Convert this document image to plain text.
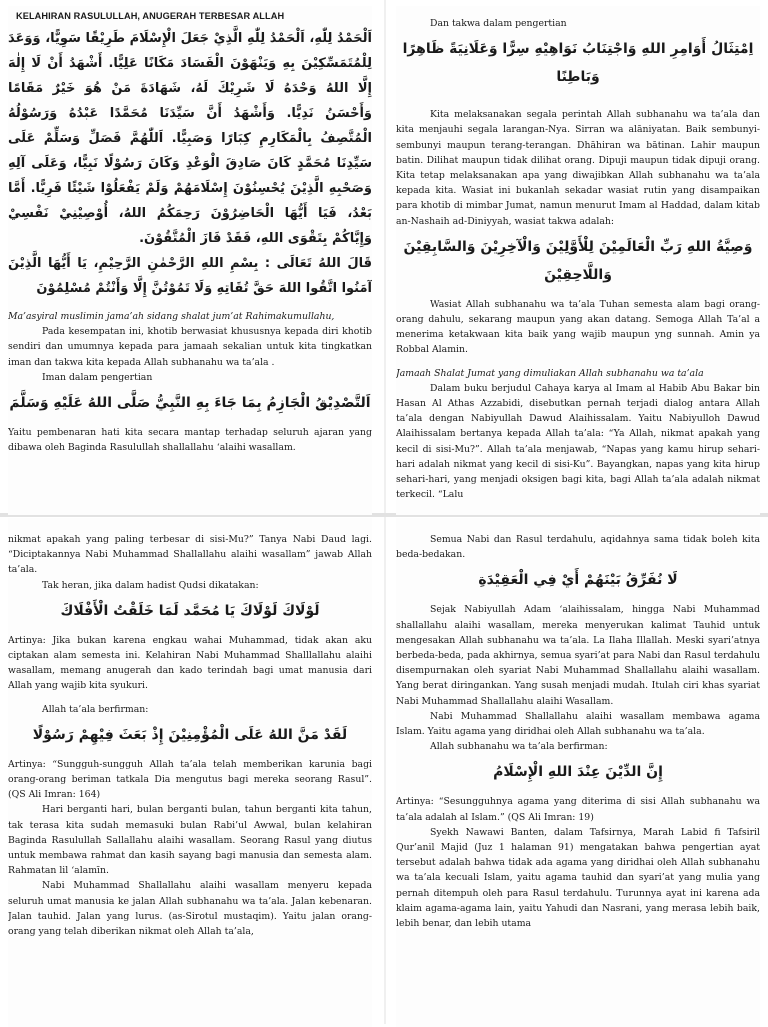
KELAHIRAN RASULULLAH, ANUGERAH TERBESAR ALLAH

اَلْحَمْدُ لِلّٰهِ، اَلْحَمْدُ لِلّٰهِ الَّذِيْ جَعَلَ الْإِسْلَامَ طَرِيْقًا سَوِيًّا، وَوَعَدَ لِلْمُتَمَسِّكِيْنَ بِهِ وَيَنْهَوْنَ الْفَسَادَ مَكَانًا عَلِيًّا. أَشْهَدُ أَنْ لَا إِلٰهَ إِلَّا اللهُ وَحْدَهُ لَا شَرِيْكَ لَهُ، شَهَادَةَ مَنْ هُوَ خَيْرٌ مَقَامًا وَأَحْسَنُ نَدِيًّا. وَأَشْهَدُ أَنَّ سَيِّدَنَا مُحَمَّدًا عَبْدُهُ وَرَسُوْلُهُ الْمُتَّصِفُ بِالْمَكَارِمِ كِبَارًا وَصَبِيًّا. اَللّٰهُمَّ فَصَلِّ وَسَلِّمْ عَلَى سَيِّدِنَا مُحَمَّدٍ كَانَ صَادِقَ الْوَعْدِ وَكَانَ رَسُوْلًا نَبِيًّا، وَعَلَى آلِهِ وَصَحْبِهِ الَّذِيْنَ يُحْسِنُوْنَ إِسْلَامَهُمْ وَلَمْ يَفْعَلُوْا شَيْئًا فَرِيًّا. أَمَّا بَعْدُ، فَيَا أَيُّهَا الْحَاضِرُوْنَ رَحِمَكُمُ اللهُ، أُوْصِيْنِيْ نَفْسِيْ وَإِيَّاكُمْ بِتَقْوَى اللهِ، فَقَدْ فَازَ الْمُتَّقُوْنَ.

قَالَ اللهُ تَعَالَى : بِسْمِ اللهِ الرَّحْمٰنِ الرَّحِيْمِ، يَا أَيُّهَا الَّذِيْنَ آمَنُوا اتَّقُوا اللهَ حَقَّ تُقَاتِهِ وَلَا تَمُوْتُنَّ إِلَّا وَأَنْتُمْ مُسْلِمُوْنَ

Ma’asyiral muslimin jama’ah sidang shalat jum’at Rahimakumullahu,

Pada kesempatan ini, khotib berwasiat khususnya kepada diri khotib sendiri dan umumnya kepada para jamaah sekalian untuk kita tingkatkan iman dan takwa kita kepada Allah subhanahu wa ta’ala .

Iman dalam pengertian

اَلتَّصْدِيْقُ الْجَازِمُ بِمَا جَاءَ بِهِ النَّبِيُّ صَلَّى اللهُ عَلَيْهِ وَسَلَّمَ

Yaitu pembenaran hati kita secara mantap terhadap seluruh ajaran yang dibawa oleh Baginda Rasulullah shallallahu ‘alaihi wasallam.

Dan takwa dalam pengertian

اِمْتِثَالُ أَوَامِرِ اللهِ وَاجْتِنَابُ نَوَاهِيْهِ سِرًّا وَعَلَانِيَةً ظَاهِرًا وَبَاطِنًا

Kita melaksanakan segala perintah Allah subhanahu wa ta’ala dan kita menjauhi segala larangan-Nya. Sirran wa alāniyatan. Baik sembunyi-sembunyi maupun terang-terangan. Dhāhiran wa bātinan. Lahir maupun batin. Dilihat maupun tidak dilihat orang. Dipuji maupun tidak dipuji orang. Kita tetap melaksanakan apa yang diwajibkan Allah subhanahu wa ta’ala kepada kita. Wasiat ini bukanlah sekadar wasiat rutin yang disampaikan para khotib di mimbar Jumat, namun menurut Imam al Haddad, dalam kitab an-Nashaih ad-Diniyyah, wasiat takwa adalah:

وَصِيَّةُ اللهِ رَبِّ الْعَالَمِيْنَ لِلْأَوَّلِيْنَ وَالْآخِرِيْنَ وَالسَّابِقِيْنَ وَاللَّاحِقِيْنَ

Wasiat Allah subhanahu wa ta’ala Tuhan semesta alam bagi orang-orang dahulu, sekarang maupun yang akan datang. Semoga Allah Ta’al a menerima ketakwaan kita baik yang wajib maupun yng sunnah. Amin ya Robbal Alamin.

Jamaah Shalat Jumat yang dimuliakan Allah subhanahu wa ta’ala

Dalam buku berjudul Cahaya karya al Imam al Habib Abu Bakar bin Hasan Al Athas Azzabidi, disebutkan pernah terjadi dialog antara Allah ta’ala dengan Nabiyullah Dawud Alaihissalam. Yaitu Nabiyulloh Dawud Alaihissalam bertanya kepada Allah ta’ala: “Ya Allah, nikmat apakah yang kecil di sisi-Mu?”. Allah ta’ala menjawab, “Napas yang kamu hirup sehari-hari adalah nikmat yang kecil di sisi-Ku”. Bayangkan, napas yang kita hirup sehari-hari, yang menjadi oksigen bagi kita, bagi Allah ta’ala adalah nikmat terkecil. “Lalu

nikmat apakah yang paling terbesar di sisi-Mu?” Tanya Nabi Daud lagi. “Diciptakannya Nabi Muhammad Shallallahu alaihi wasallam” jawab Allah ta’ala.

Tak heran, jika dalam hadist Qudsi dikatakan:

لَوْلَاكَ لَوْلَاكَ يَا مُحَمَّد لَمَا خَلَقْتُ الْأَفْلَاكَ

Artinya: Jika bukan karena engkau wahai Muhammad, tidak akan aku ciptakan alam semesta ini. Kelahiran Nabi Muhammad Shalllallahu alaihi wasallam, memang anugerah dan kado terindah bagi umat manusia dari Allah yang wajib kita syukuri.

Allah ta’ala berfirman:

لَقَدْ مَنَّ اللهُ عَلَى الْمُؤْمِنِيْنَ إِذْ بَعَثَ فِيْهِمْ رَسُوْلًا

Artinya: “Sungguh-sungguh Allah ta’ala telah memberikan karunia bagi orang-orang beriman tatkala Dia mengutus bagi mereka seorang Rasul”. (QS Ali Imran: 164)

Hari berganti hari, bulan berganti bulan, tahun berganti kita tahun, tak terasa kita sudah memasuki bulan Rabi’ul Awwal, bulan kelahiran Baginda Rasulullah Sallallahu alaihi wasallam. Seorang Rasul yang diutus untuk membawa rahmat dan kasih sayang bagi manusia dan semesta alam. Rahmatan lil ‘alamīn.

Nabi Muhammad Shallallahu alaihi wasallam menyeru kepada seluruh umat manusia ke jalan Allah subhanahu wa ta’ala. Jalan kebenaran. Jalan tauhid. Jalan yang lurus. (as-Sirotul mustaqim). Yaitu jalan orang-orang yang telah diberikan nikmat oleh Allah ta’ala,

Semua Nabi dan Rasul terdahulu, aqidahnya sama tidak boleh kita beda-bedakan.

لَا نُفَرِّقُ بَيْنَهُمْ أَيْ فِي الْعَقِيْدَةِ

Sejak Nabiyullah Adam ‘alaihissalam, hingga Nabi Muhammad shallallahu alaihi wasallam, mereka menyerukan kalimat Tauhid untuk mengesakan Allah subhanahu wa ta’ala. La Ilaha Illallah. Meski syari’atnya berbeda-beda, pada akhirnya, semua syari’at para Nabi dan Rasul terdahulu disempurnakan oleh syariat Nabi Muhammad Shallallahu alaihi wasallam. Yang berat diringankan. Yang susah menjadi mudah. Itulah ciri khas syariat Nabi Muhammad Shallallahu alaihi Wasallam.

Nabi Muhammad Shallallahu alaihi wasallam membawa agama Islam. Yaitu agama yang diridhai oleh Allah subhanahu wa ta’ala.

Allah subhanahu wa ta’ala berfirman:

إِنَّ الدِّيْنَ عِنْدَ اللهِ الْإِسْلَامُ

Artinya: “Sesungguhnya agama yang diterima di sisi Allah subhanahu wa ta’ala adalah al Islam.” (QS Ali Imran: 19)

Syekh Nawawi Banten, dalam Tafsirnya, Marah Labid fi Tafsiril Qur’anil Majid (Juz 1 halaman 91) mengatakan bahwa pengertian ayat tersebut adalah bahwa tidak ada agama yang diridhai oleh Allah subhanahu wa ta’ala kecuali Islam, yaitu agama tauhid dan syari’at yang mulia yang pernah ditempuh oleh para Rasul terdahulu. Turunnya ayat ini karena ada klaim agama-agama lain, yaitu Yahudi dan Nasrani, yang merasa lebih baik, lebih benar, dan lebih utama
